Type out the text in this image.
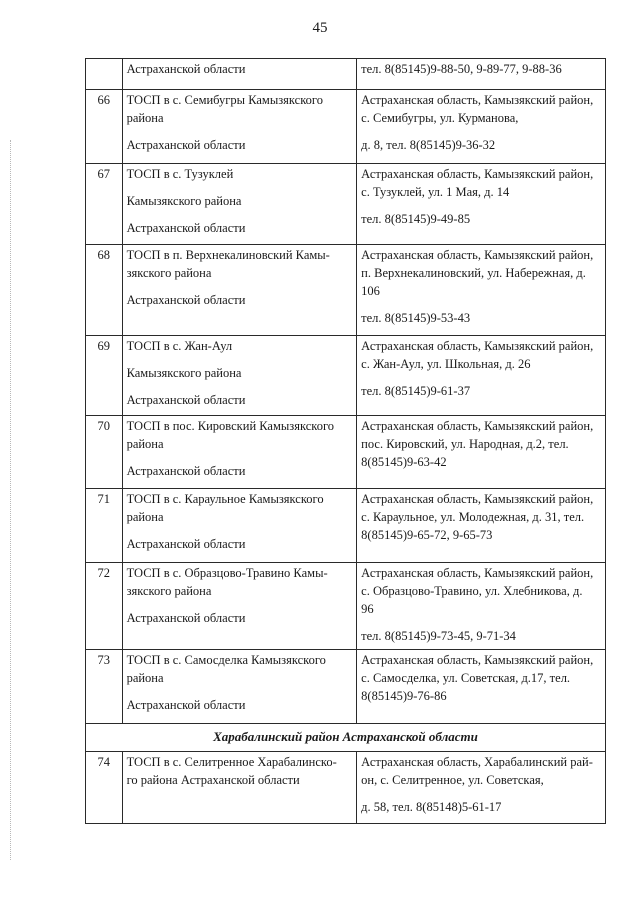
45

	Астраханской области	тел. 8(85145)9-88-50, 9-89-77, 9-88-36

66	ТОСП в с. Семибугры Камызякского
района
Астраханской области	Астраханская область, Камызякский район,
с. Семибугры, ул. Курманова,
д. 8, тел. 8(85145)9-36-32

67	ТОСП в с. Тузуклей
Камызякского района
Астраханской области	Астраханская область, Камызякский район,
с. Тузуклей, ул. 1 Мая, д. 14
тел. 8(85145)9-49-85

68	ТОСП в п. Верхнекалиновский Камы-
зякского района
Астраханской области	Астраханская область, Камызякский район,
п. Верхнекалиновский, ул. Набережная, д.
106
тел. 8(85145)9-53-43

69	ТОСП в с. Жан-Аул
Камызякского района
Астраханской области	Астраханская область, Камызякский район,
с. Жан-Аул, ул. Школьная, д. 26
тел. 8(85145)9-61-37

70	ТОСП в пос. Кировский Камызякского
района
Астраханской области	Астраханская область, Камызякский район,
пос. Кировский, ул. Народная, д.2, тел.
8(85145)9-63-42

71	ТОСП в с. Караульное Камызякского
района
Астраханской области	Астраханская область, Камызякский район,
с. Караульное, ул. Молодежная, д. 31, тел.
8(85145)9-65-72, 9-65-73

72	ТОСП в с. Образцово-Травино Камы-
зякского района
Астраханской области	Астраханская область, Камызякский район,
с. Образцово-Травино, ул. Хлебникова, д.
96
тел. 8(85145)9-73-45, 9-71-34

73	ТОСП в с. Самосделка Камызякского
района
Астраханской области	Астраханская область, Камызякский район,
с. Самосделка, ул. Советская, д.17, тел.
8(85145)9-76-86

Харабалинский район Астраханской области		
74	ТОСП в с. Селитренное Харабалинско-
го района Астраханской области	Астраханская область, Харабалинский рай-
он, с. Селитренное, ул. Советская,
д. 58, тел. 8(85148)5-61-17
